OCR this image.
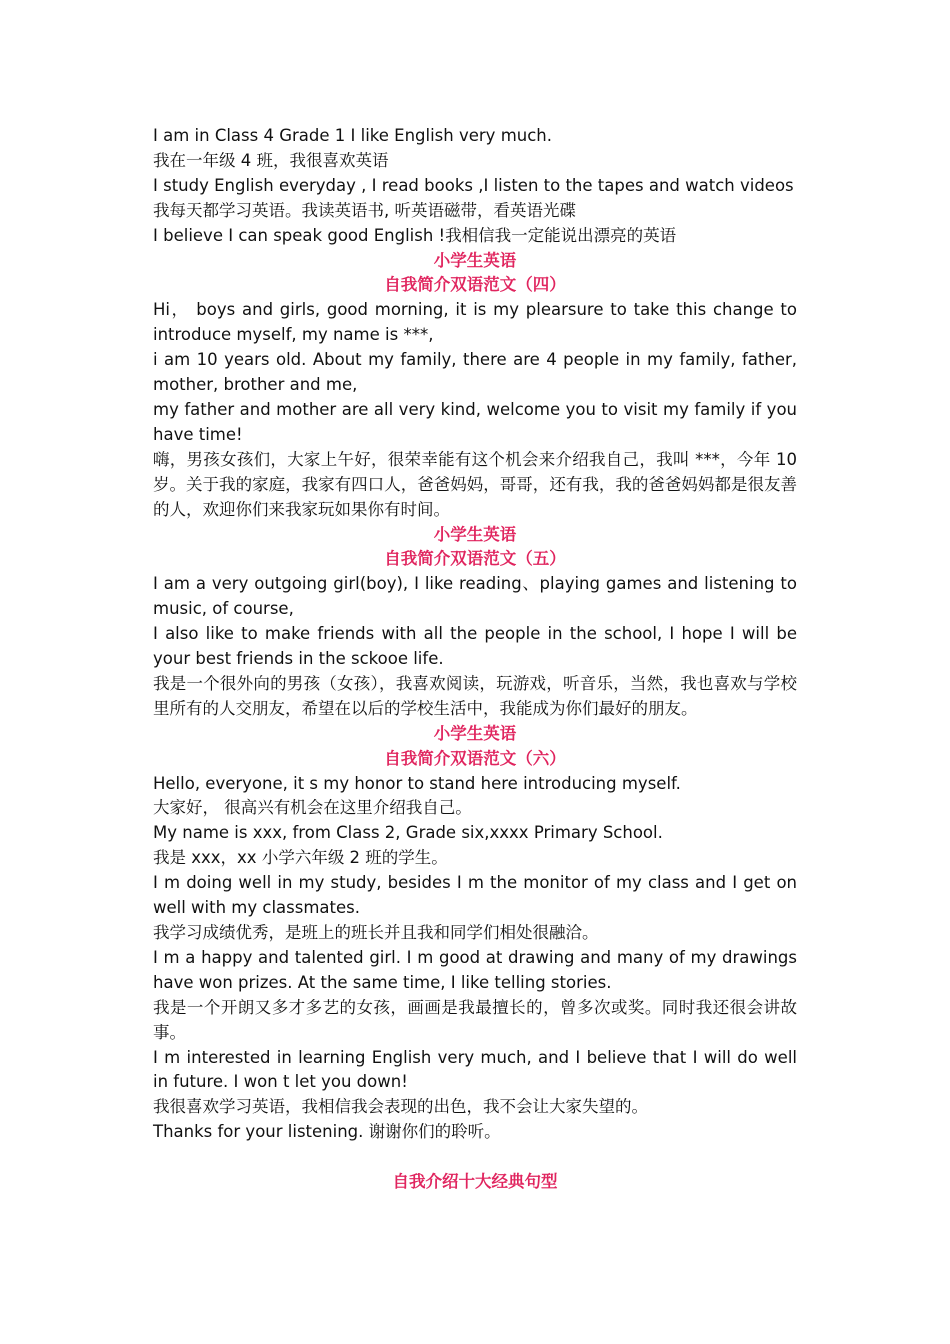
I am in Class 4 Grade 1 I like English very much.

我在一年级 4 班，我很喜欢英语

I study English everyday , I read books ,I listen to the tapes and watch videos

我每天都学习英语。我读英语书, 听英语磁带，看英语光碟

I believe I can speak good English !我相信我一定能说出漂亮的英语

小学生英语

自我简介双语范文（四）

Hi， boys and girls, good morning, it is my plearsure to take this change to introduce myself, my name is ***,

i am 10 years old. About my family, there are 4 people in my family, father, mother, brother and me,

my father and mother are all very kind, welcome you to visit my family if you have time!

嗨，男孩女孩们，大家上午好，很荣幸能有这个机会来介绍我自己，我叫 ***，今年 10 岁。关于我的家庭，我家有四口人，爸爸妈妈，哥哥，还有我，我的爸爸妈妈都是很友善的人，欢迎你们来我家玩如果你有时间。

小学生英语

自我简介双语范文（五）

I am a very outgoing girl(boy), I like reading、playing games and listening to music, of course,

I also like to make friends with all the people in the school, I hope I will be your best friends in the sckooe life.

我是一个很外向的男孩（女孩），我喜欢阅读，玩游戏，听音乐，当然，我也喜欢与学校里所有的人交朋友，希望在以后的学校生活中，我能成为你们最好的朋友。

小学生英语

自我简介双语范文（六）

Hello, everyone, it s my honor to stand here introducing myself.

大家好， 很高兴有机会在这里介绍我自己。

My name is xxx, from Class 2, Grade six,xxxx Primary School.

我是 xxx，xx 小学六年级 2 班的学生。

I m doing well in my study, besides I m the monitor of my class and I get on well with my classmates.

我学习成绩优秀，是班上的班长并且我和同学们相处很融洽。

I m a happy and talented girl. I m good at drawing and many of my drawings have won prizes. At the same time, I like telling stories.

我是一个开朗又多才多艺的女孩，画画是我最擅长的，曾多次或奖。同时我还很会讲故事。

I m interested in learning English very much, and I believe that I will do well in future. I won t let you down!

我很喜欢学习英语，我相信我会表现的出色，我不会让大家失望的。

Thanks for your listening. 谢谢你们的聆听。

自我介绍十大经典句型
